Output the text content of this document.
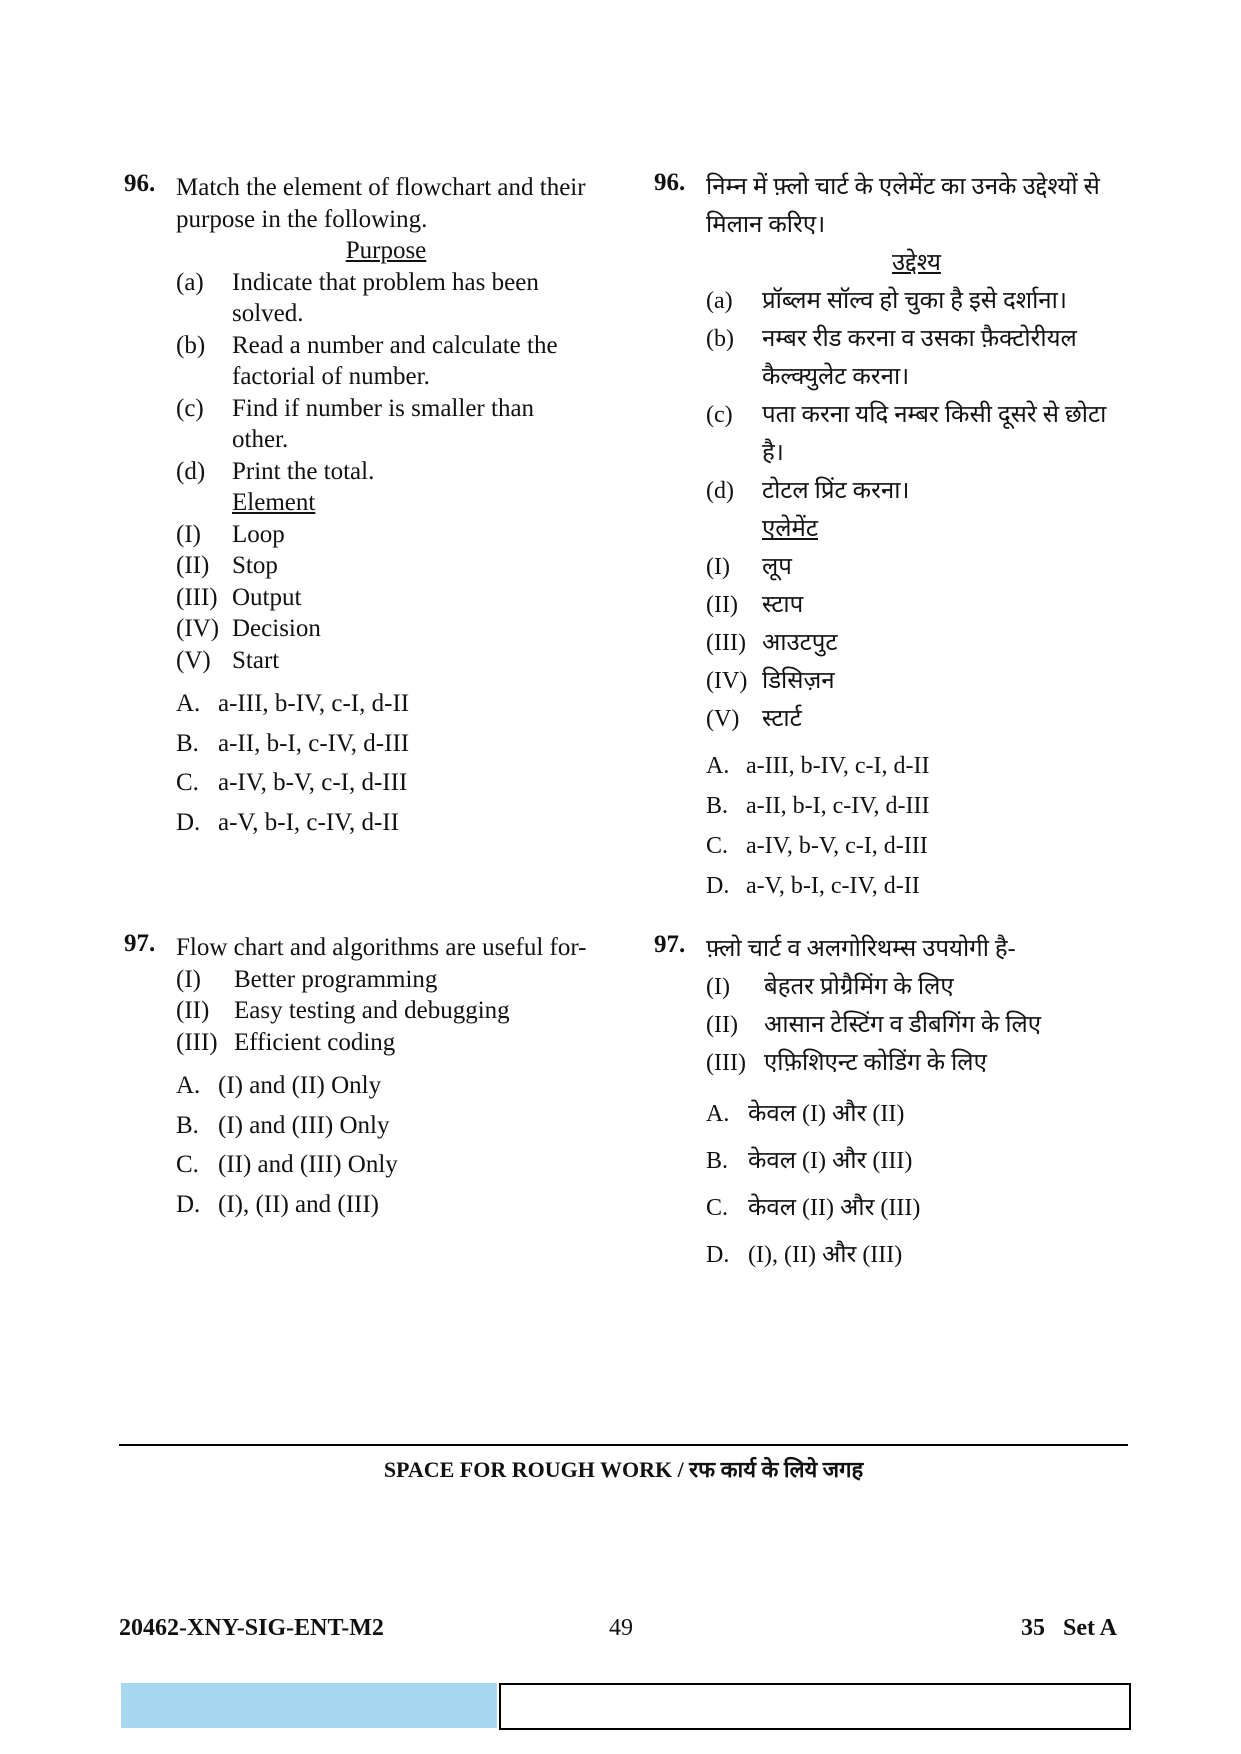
96. Match the element of flowchart and their purpose in the following.
Purpose
(a)	Indicate that problem has been solved.
(b)	Read a number and calculate the factorial of number.
(c)	Find if number is smaller than other.
(d)	Print the total.
Element
(I)	Loop
(II) Stop
(III) Output
(IV) Decision
(V) Start
A. a-III, b-IV, c-I, d-II
B. a-II, b-I, c-IV, d-III
C. a-IV, b-V, c-I, d-III
D. a-V, b-I, c-IV, d-II
96. निम्न में फ़्लो चार्ट के एलेमेंट का उनके उद्देश्यों से मिलान करिए।
उद्देश्य
(a)	प्रॉब्लम सॉल्व हो चुका है इसे दर्शाना।
(b)	नम्बर रीड करना व उसका फ़ैक्टोरीयल कैल्क्युलेट करना।
(c)	पता करना यदि नम्बर किसी दूसरे से छोटा है।
(d)	टोटल प्रिंट करना।
एलेमेंट
(I)	लूप
(II)	स्टाप
(III) आउटपुट
(IV) डिसिज़न
(V) स्टार्ट
A. a-III, b-IV, c-I, d-II
B. a-II, b-I, c-IV, d-III
C. a-IV, b-V, c-I, d-III
D. a-V, b-I, c-IV, d-II
97. Flow chart and algorithms are useful for-
(I)	Better programming
(II) Easy testing and debugging
(III) Efficient coding
A. (I) and (II) Only
B. (I) and (III) Only
C. (II) and (III) Only
D. (I), (II) and (III)
97. फ़्लो चार्ट व अलगोरिथम्स उपयोगी है-
(I)	बेहतर प्रोग्रैमिंग के लिए
(II)	आसान टेस्टिंग व डीबगिंग के लिए
(III) एफ़िशिएन्ट कोडिंग के लिए
A. केवल (I) और (II)
B. केवल (I) और (III)
C. केवल (II) और (III)
D. (I), (II) और (III)
SPACE FOR ROUGH WORK / रफ कार्य के लिये जगह
20462-XNY-SIG-ENT-M2	49	35   Set A
